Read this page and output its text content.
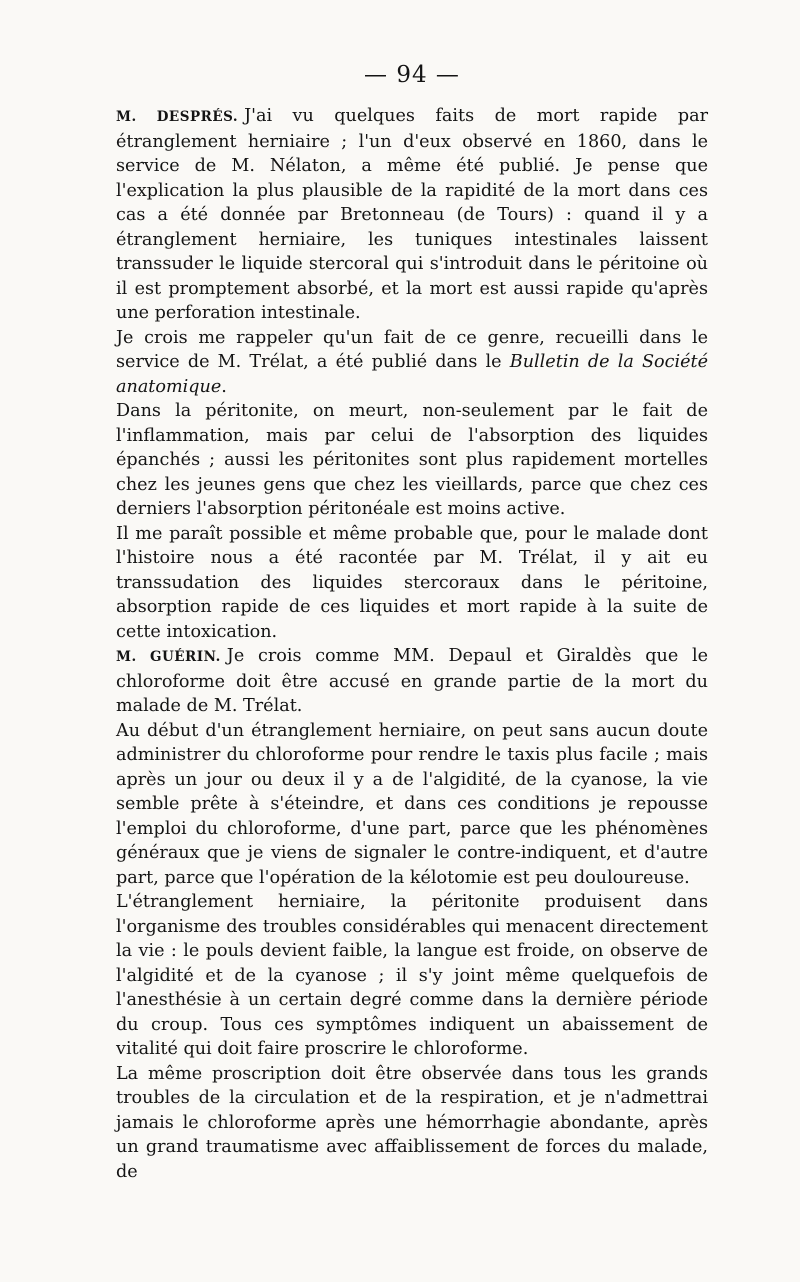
— 94 —

M. DESPRÉS. J'ai vu quelques faits de mort rapide par étranglement herniaire ; l'un d'eux observé en 1860, dans le service de M. Nélaton, a même été publié. Je pense que l'explication la plus plausible de la rapidité de la mort dans ces cas a été donnée par Bretonneau (de Tours) : quand il y a étranglement herniaire, les tuniques intestinales laissent transsuder le liquide stercoral qui s'introduit dans le péritoine où il est promptement absorbé, et la mort est aussi rapide qu'après une perforation intestinale.

Je crois me rappeler qu'un fait de ce genre, recueilli dans le service de M. Trélat, a été publié dans le Bulletin de la Société anatomique.

Dans la péritonite, on meurt, non-seulement par le fait de l'inflammation, mais par celui de l'absorption des liquides épanchés ; aussi les péritonites sont plus rapidement mortelles chez les jeunes gens que chez les vieillards, parce que chez ces derniers l'absorption péritonéale est moins active.

Il me paraît possible et même probable que, pour le malade dont l'histoire nous a été racontée par M. Trélat, il y ait eu transsudation des liquides stercoraux dans le péritoine, absorption rapide de ces liquides et mort rapide à la suite de cette intoxication.

M. GUÉRIN. Je crois comme MM. Depaul et Giraldès que le chloroforme doit être accusé en grande partie de la mort du malade de M. Trélat.

Au début d'un étranglement herniaire, on peut sans aucun doute administrer du chloroforme pour rendre le taxis plus facile ; mais après un jour ou deux il y a de l'algidité, de la cyanose, la vie semble prête à s'éteindre, et dans ces conditions je repousse l'emploi du chloroforme, d'une part, parce que les phénomènes généraux que je viens de signaler le contre-indiquent, et d'autre part, parce que l'opération de la kélotomie est peu douloureuse.

L'étranglement herniaire, la péritonite produisent dans l'organisme des troubles considérables qui menacent directement la vie : le pouls devient faible, la langue est froide, on observe de l'algidité et de la cyanose ; il s'y joint même quelquefois de l'anesthésie à un certain degré comme dans la dernière période du croup. Tous ces symptômes indiquent un abaissement de vitalité qui doit faire proscrire le chloroforme.

La même proscription doit être observée dans tous les grands troubles de la circulation et de la respiration, et je n'admettrai jamais le chloroforme après une hémorrhagie abondante, après un grand traumatisme avec affaiblissement de forces du malade, de
